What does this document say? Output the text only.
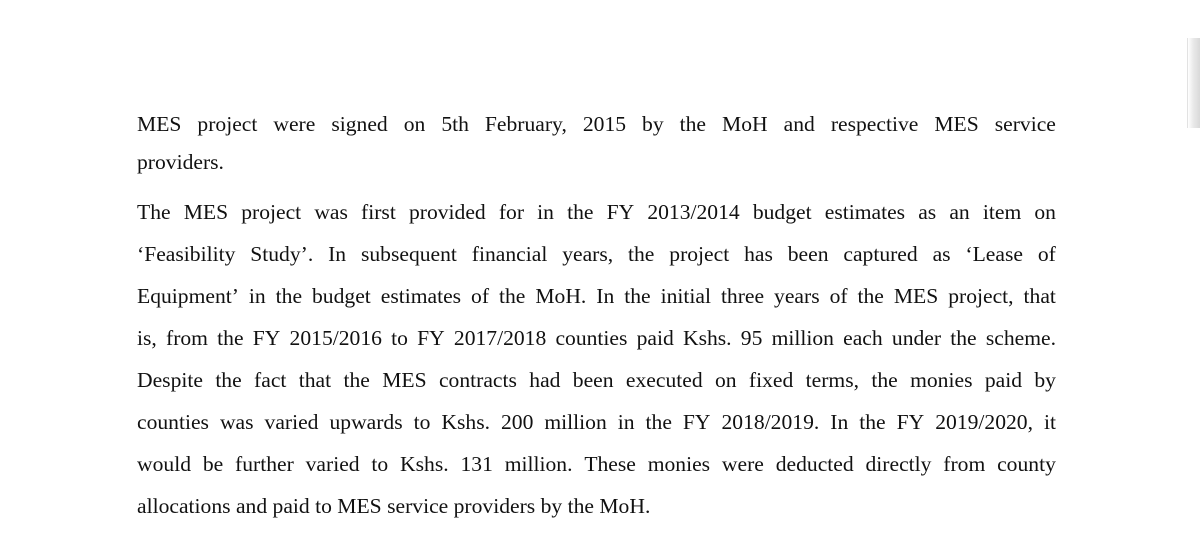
MES project were signed on 5th February, 2015 by the MoH and respective MES service
providers.
The MES project was first provided for in the FY 2013/2014 budget estimates as an item on
‘Feasibility Study’. In subsequent financial years, the project has been captured as ‘Lease of
Equipment’ in the budget estimates of the MoH. In the initial three years of the MES project, that
is, from the FY 2015/2016 to FY 2017/2018 counties paid Kshs. 95 million each under the scheme.
Despite the fact that the MES contracts had been executed on fixed terms, the monies paid by
counties was varied upwards to Kshs. 200 million in the FY 2018/2019. In the FY 2019/2020, it
would be further varied to Kshs. 131 million. These monies were deducted directly from county
allocations and paid to MES service providers by the MoH.
